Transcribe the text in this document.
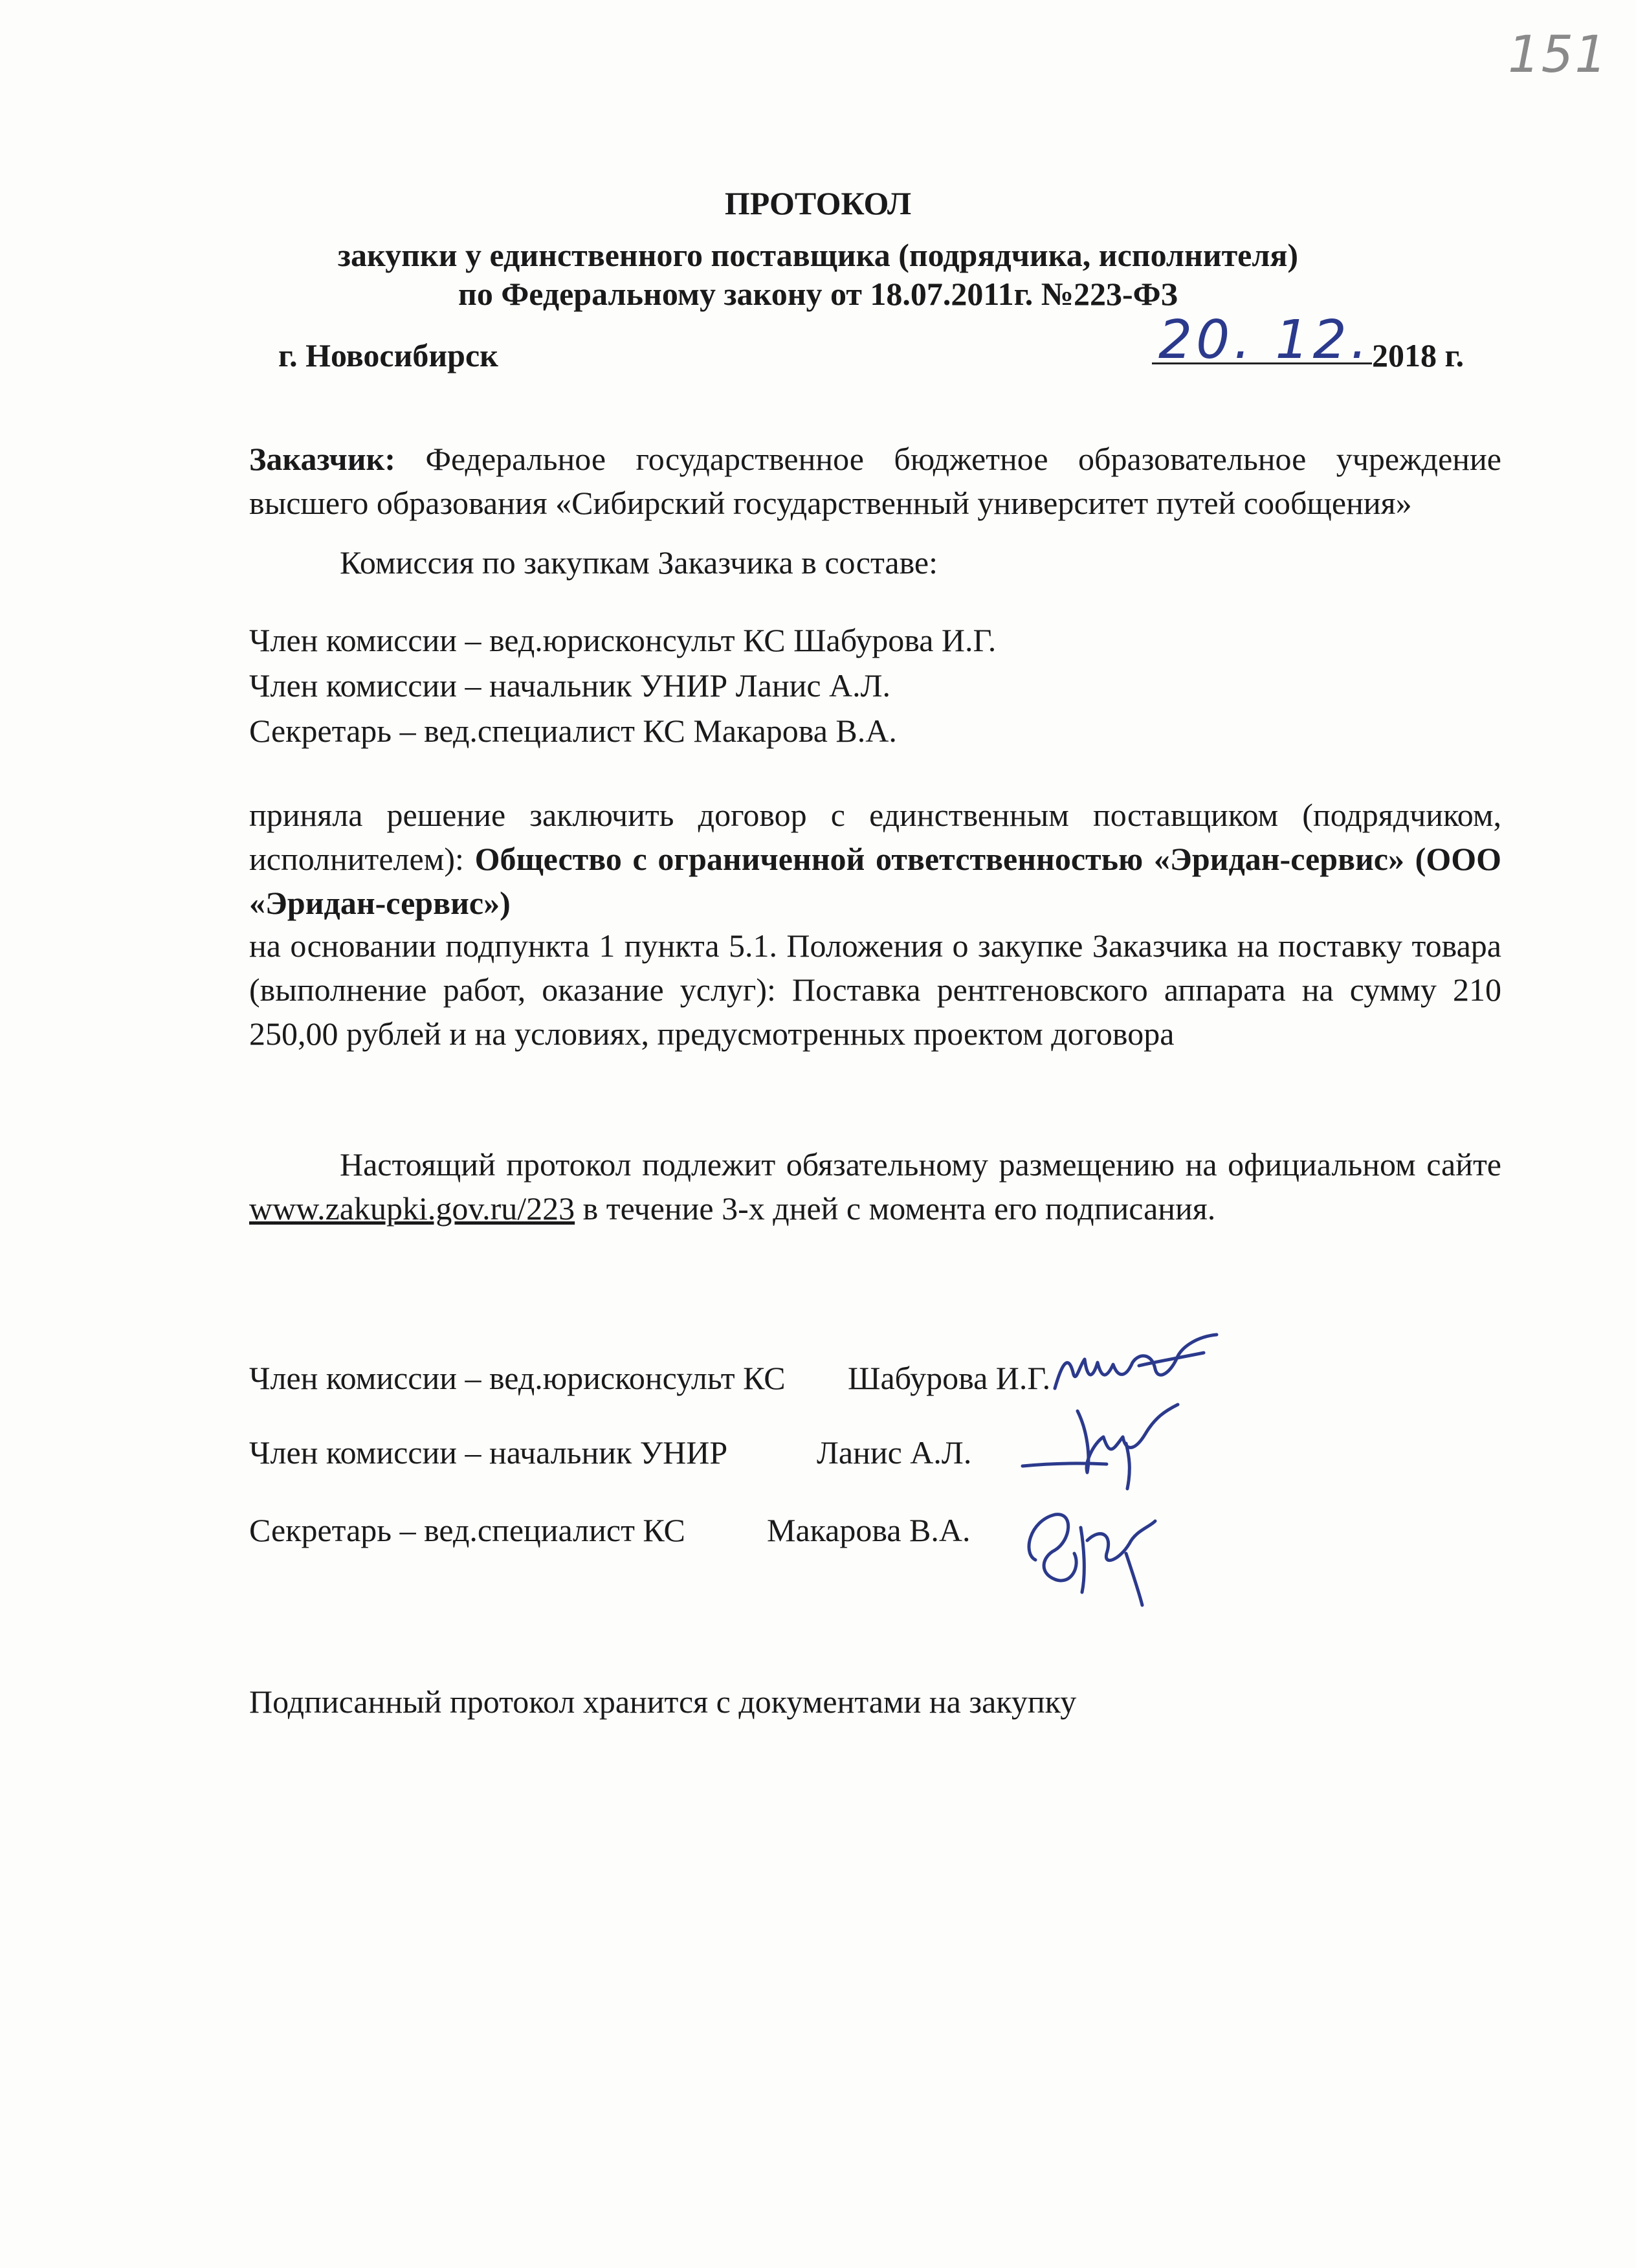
151
ПРОТОКОЛ
закупки у единственного поставщика (подрядчика, исполнителя)
по Федеральному закону от 18.07.2011г. №223-ФЗ
г. Новосибирск	20. 12. 2018 г.
Заказчик: Федеральное государственное бюджетное образовательное учреждение высшего образования «Сибирский государственный университет путей сообщения»
Комиссия по закупкам Заказчика в составе:
Член комиссии – вед.юрисконсульт КС Шабурова И.Г.
Член комиссии – начальник УНИР Ланис А.Л.
Секретарь – вед.специалист КС Макарова В.А.
приняла решение заключить договор с единственным поставщиком (подрядчиком, исполнителем): Общество с ограниченной ответственностью «Эридан-сервис» (ООО «Эридан-сервис»)
на основании подпункта 1 пункта 5.1. Положения о закупке Заказчика на поставку товара (выполнение работ, оказание услуг): Поставка рентгеновского аппарата на сумму 210 250,00 рублей и на условиях, предусмотренных проектом договора
Настоящий протокол подлежит обязательному размещению на официальном сайте www.zakupki.gov.ru/223 в течение 3-х дней с момента его подписания.
Член комиссии – вед.юрисконсульт КС Шабурова И.Г.
Член комиссии – начальник УНИР	Ланис А.Л.
Секретарь – вед.специалист КС	Макарова В.А.
Подписанный протокол хранится с документами на закупку
